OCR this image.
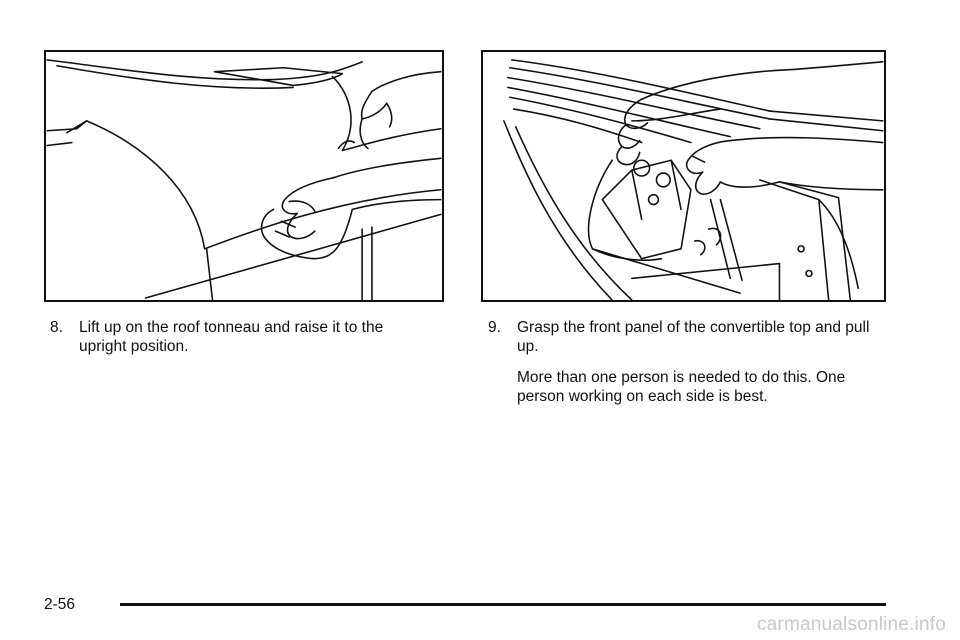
8.	Lift up on the roof tonneau and raise it to the upright position.

9.	Grasp the front panel of the convertible top and pull up.

More than one person is needed to do this. One person working on each side is best.

2-56
carmanualsonline.info
